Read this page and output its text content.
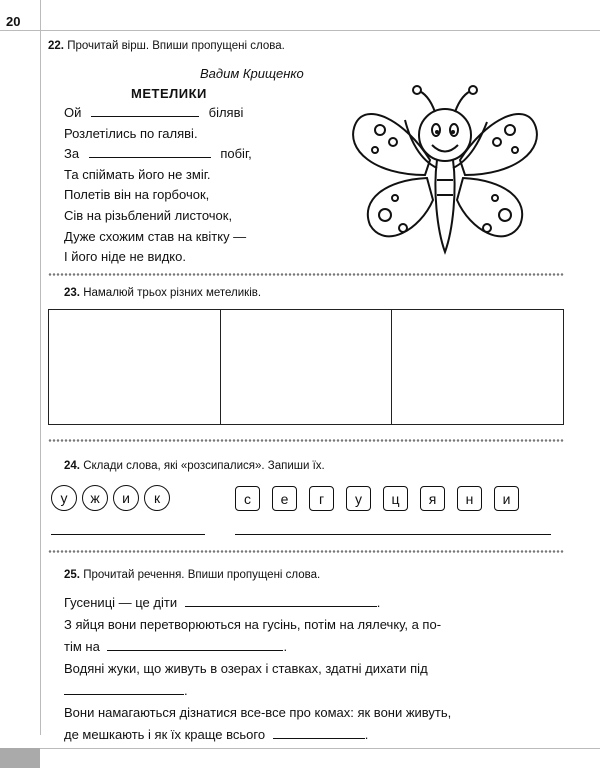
20
22. Прочитай вірш. Впиши пропущені слова.
Вадим Крищенко
МЕТЕЛИКИ
Ой	біляві
Розлетілись по галяві.
За	побіг,
Та спіймать його не зміг.
Полетів він на горбочок,
Сів на різьблений листочок,
Дуже схожим став на квітку —
І його ніде не видко.
23. Намалюй трьох різних метеликів.
24. Склади слова, які «розсипалися». Запиши їх.
у	ж	и	к	с	е	г	у	ц	я	н	и
25. Прочитай речення. Впиши пропущені слова.
Гусениці — це діти	.
З яйця вони перетворюються на гусінь, потім на лялечку, а по-
тім на	.
Водяні жуки, що живуть в озерах і ставках, здатні дихати під
.
Вони намагаються дізнатися все-все про комах: як вони живуть,
де мешкають і як їх краще всього	.
